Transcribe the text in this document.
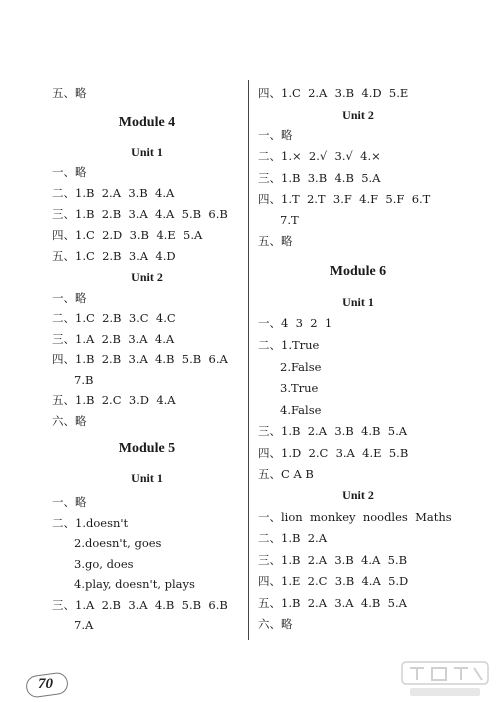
五、略
Module 4
Unit 1
一、略
二、1.B  2.A  3.B  4.A
三、1.B  2.B  3.A  4.A  5.B  6.B
四、1.C  2.D  3.B  4.E  5.A
五、1.C  2.B  3.A  4.D
Unit 2
一、略
二、1.C  2.B  3.C  4.C
三、1.A  2.B  3.A  4.A
四、1.B  2.B  3.A  4.B  5.B  6.A
7.B
五、1.B  2.C  3.D  4.A
六、略
Module 5
Unit 1
一、略
二、1.doesn't
2.doesn't, goes
3.go, does
4.play, doesn't, plays
三、1.A  2.B  3.A  4.B  5.B  6.B
7.A
四、1.C  2.A  3.B  4.D  5.E
Unit 2
一、略
二、1.×  2.√  3.√  4.×
三、1.B  3.B  4.B  5.A
四、1.T  2.T  3.F  4.F  5.F  6.T
7.T
五、略
Module 6
Unit 1
一、4  3  2  1
二、1.True
2.False
3.True
4.False
三、1.B  2.A  3.B  4.B  5.A
四、1.D  2.C  3.A  4.E  5.B
五、C A B
Unit 2
一、lion  monkey  noodles  Maths
二、1.B  2.A
三、1.B  2.A  3.B  4.A  5.B
四、1.E  2.C  3.B  4.A  5.D
五、1.B  2.A  3.A  4.B  5.A
六、略
70
